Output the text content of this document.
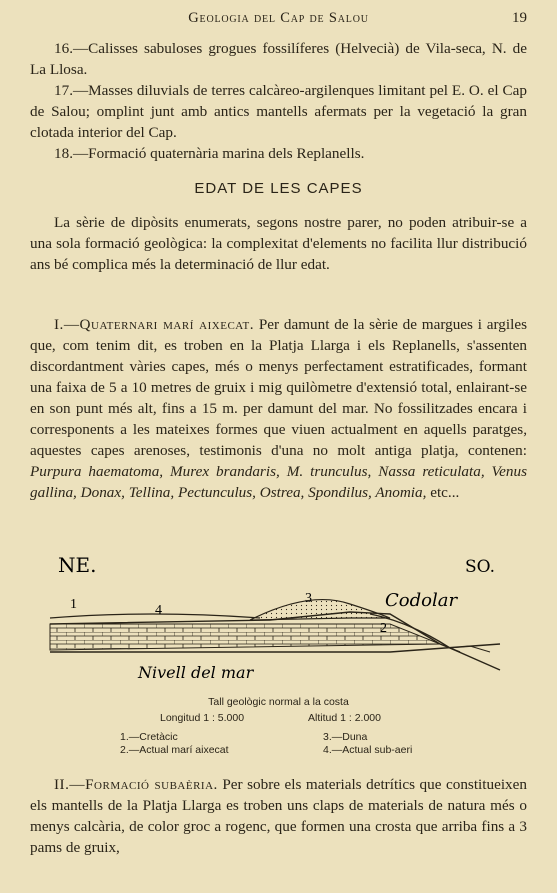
Geologia del Cap de Salou	19

16.—Calisses sabuloses grogues fossilíferes (Helvecià) de Vila-seca, N. de La Llosa.

17.—Masses diluvials de terres calcàreo-argilenques limitant pel E. O. el Cap de Salou; omplint junt amb antics mantells afermats per la vegetació la gran clotada interior del Cap.

18.—Formació quaternària marina dels Replanells.

EDAT DE LES CAPES

La sèrie de dipòsits enumerats, segons nostre parer, no poden atribuir-se a una sola formació geològica: la complexitat d'elements no facilita llur distribució ans bé complica més la determinació de llur edat.

I.—Quaternari marí aixecat. Per damunt de la sèrie de margues i argiles que, com tenim dit, es troben en la Platja Llarga i els Replanells, s'assenten discordantment vàries capes, més o menys perfectament estratificades, formant una faixa de 5 a 10 metres de gruix i mig quilòmetre d'extensió total, enlairant-se en son punt més alt, fins a 15 m. per damunt del mar. No fossilitzades encara i corresponents a les mateixes formes que viuen actualment en aquells paratges, aquestes capes arenoses, testimonis d'una no molt antiga platja, contenen: Purpura haematoma, Murex brandaris, M. trunculus, Nassa reticulata, Venus gallina, Donax, Tellina, Pectunculus, Ostrea, Spondilus, Anomia, etc...

NE.	SO.
Codolar
Nivell del mar
1
2
3
4
Tall geològic normal a la costa
Longitud 1 : 5.000	Altitud 1 : 2.000
1.—Cretàcic	3.—Duna
2.—Actual marí aixecat	4.—Actual sub-aeri

II.—Formació subaèria. Per sobre els materials detrítics que constitueixen els mantells de la Platja Llarga es troben uns claps de materials de natura més o menys calcària, de color groc a rogenc, que formen una crosta que arriba fins a 3 pams de gruix,
